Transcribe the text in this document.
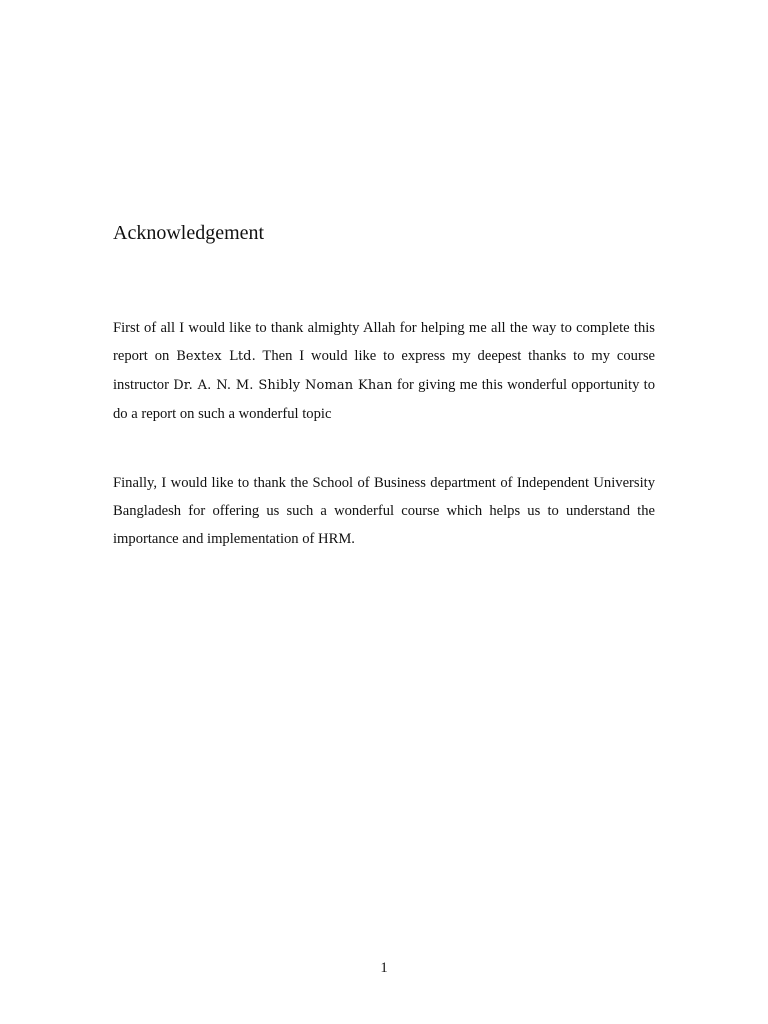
Acknowledgement

First of all I would like to thank almighty Allah for helping me all the way to complete this report on Bextex Ltd. Then I would like to express my deepest thanks to my course instructor Dr. A. N. M. Shibly Noman Khan for giving me this wonderful opportunity to do a report on such a wonderful topic

Finally, I would like to thank the School of Business department of Independent University Bangladesh for offering us such a wonderful course which helps us to understand the importance and implementation of HRM.

1
